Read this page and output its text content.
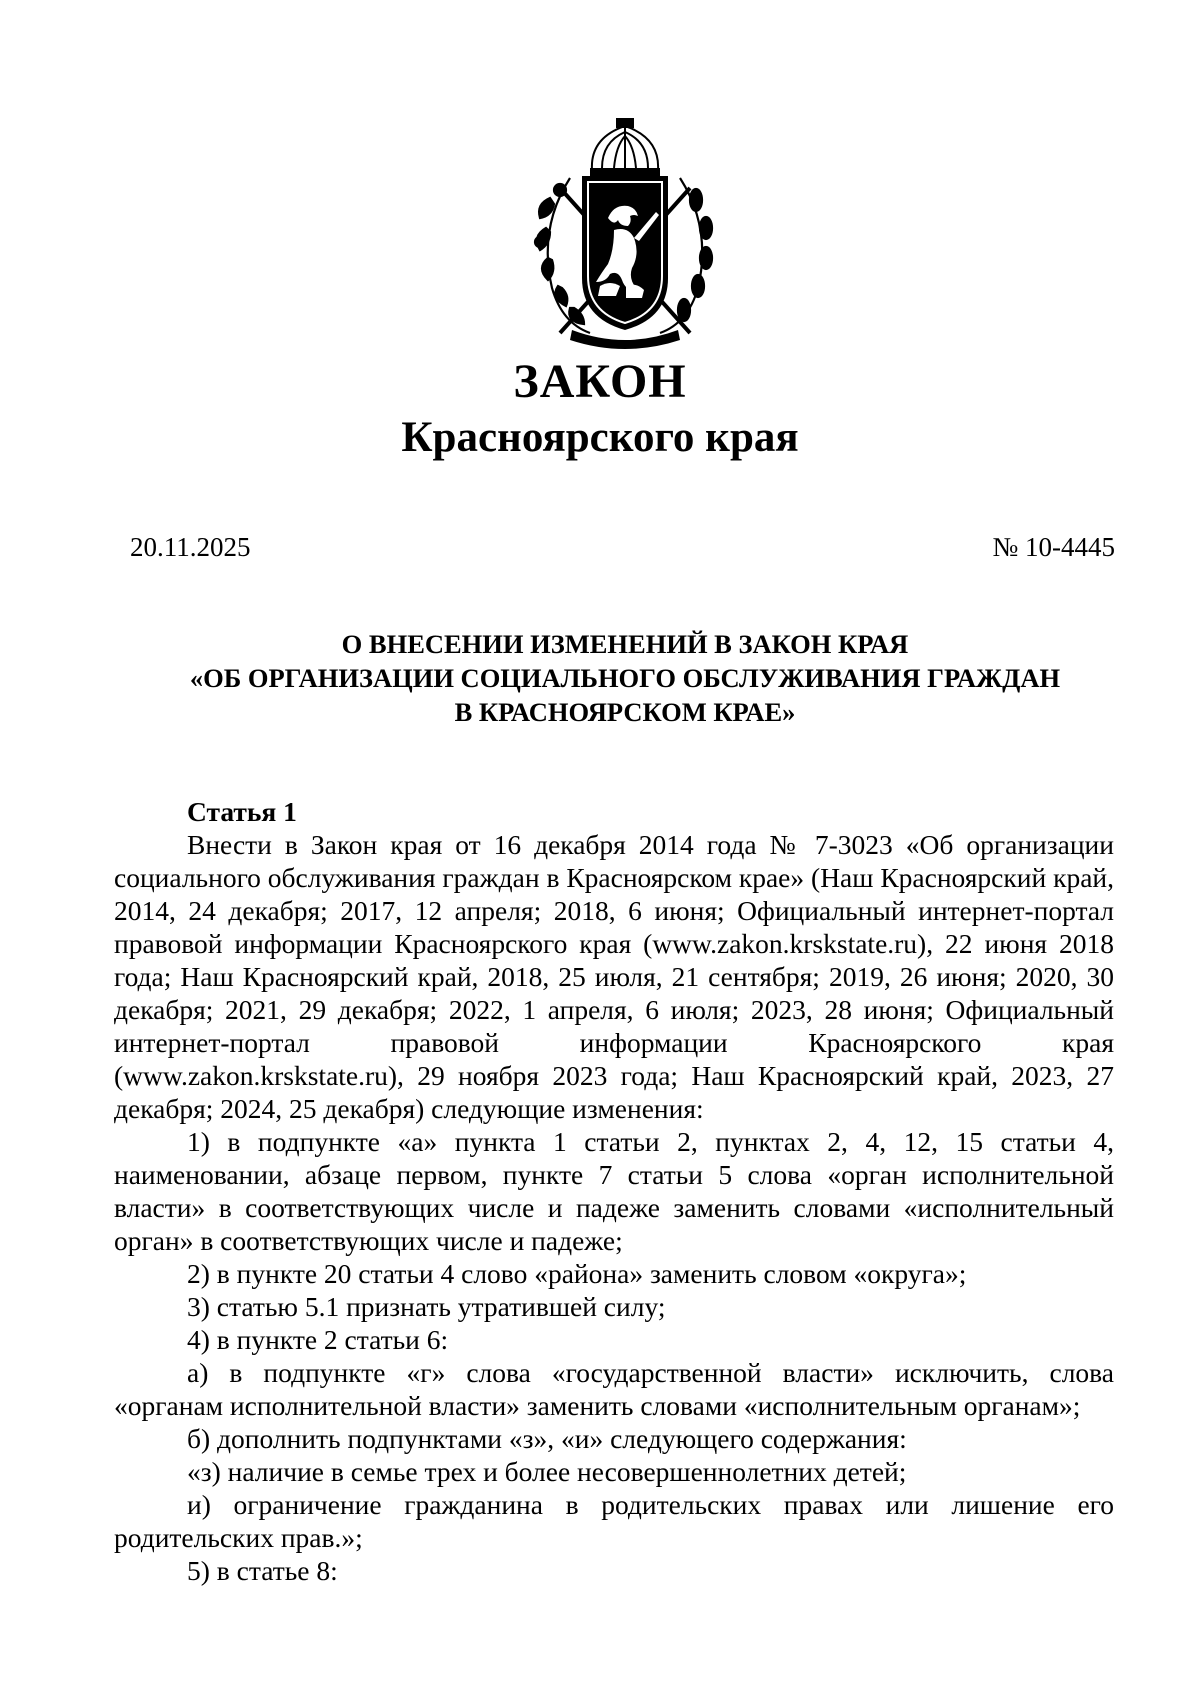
ЗАКОН
Красноярского края
20.11.2025	№ 10-4445
О ВНЕСЕНИИ ИЗМЕНЕНИЙ В ЗАКОН КРАЯ
«ОБ ОРГАНИЗАЦИИ СОЦИАЛЬНОГО ОБСЛУЖИВАНИЯ ГРАЖДАН
В КРАСНОЯРСКОМ КРАЕ»

Статья 1

Внести в Закон края от 16 декабря 2014 года № 7-3023 «Об организации социального обслуживания граждан в Красноярском крае» (Наш Красноярский край, 2014, 24 декабря; 2017, 12 апреля; 2018, 6 июня; Официальный интернет-портал правовой информации Красноярского края (www.zakon.krskstate.ru), 22 июня 2018 года; Наш Красноярский край, 2018, 25 июля, 21 сентября; 2019, 26 июня; 2020, 30 декабря; 2021, 29 декабря; 2022, 1 апреля, 6 июля; 2023, 28 июня; Официальный интернет-портал правовой информации Красноярского края (www.zakon.krskstate.ru), 29 ноября 2023 года; Наш Красноярский край, 2023, 27 декабря; 2024, 25 декабря) следующие изменения:

1) в подпункте «а» пункта 1 статьи 2, пунктах 2, 4, 12, 15 статьи 4, наименовании, абзаце первом, пункте 7 статьи 5 слова «орган исполнительной власти» в соответствующих числе и падеже заменить словами «исполнительный орган» в соответствующих числе и падеже;

2) в пункте 20 статьи 4 слово «района» заменить словом «округа»;

3) статью 5.1 признать утратившей силу;

4) в пункте 2 статьи 6:

а) в подпункте «г» слова «государственной власти» исключить, слова «органам исполнительной власти» заменить словами «исполнительным органам»;

б) дополнить подпунктами «з», «и» следующего содержания:

«з) наличие в семье трех и более несовершеннолетних детей;

и) ограничение гражданина в родительских правах или лишение его родительских прав.»;

5) в статье 8:
